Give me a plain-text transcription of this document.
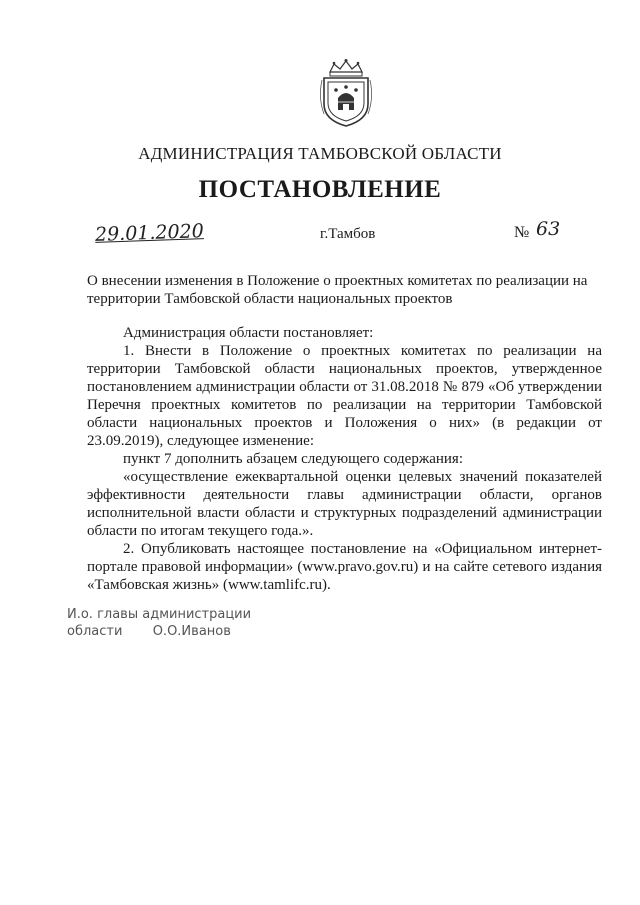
АДМИНИСТРАЦИЯ ТАМБОВСКОЙ ОБЛАСТИ
ПОСТАНОВЛЕНИЕ
29.01.2020	г.Тамбов	№ 63
О внесении изменения в Положение о проектных комитетах по реализации на территории Тамбовской области национальных проектов

Администрация области постановляет:

1. Внести в Положение о проектных комитетах по реализации на территории Тамбовской области национальных проектов, утвержденное постановлением администрации области от 31.08.2018 № 879 «Об утверждении Перечня проектных комитетов по реализации на территории Тамбовской области национальных проектов и Положения о них» (в редакции от 23.09.2019), следующее изменение:

пункт 7 дополнить абзацем следующего содержания:

«осуществление ежеквартальной оценки целевых значений показателей эффективности деятельности главы администрации области, органов исполнительной власти области и структурных подразделений администрации области по итогам текущего года.».

2. Опубликовать настоящее постановление на «Официальном интернет-портале правовой информации» (www.pravo.gov.ru) и на сайте сетевого издания «Тамбовская жизнь» (www.tamlifc.ru).

И.о. главы администрации
области О.О.Иванов
